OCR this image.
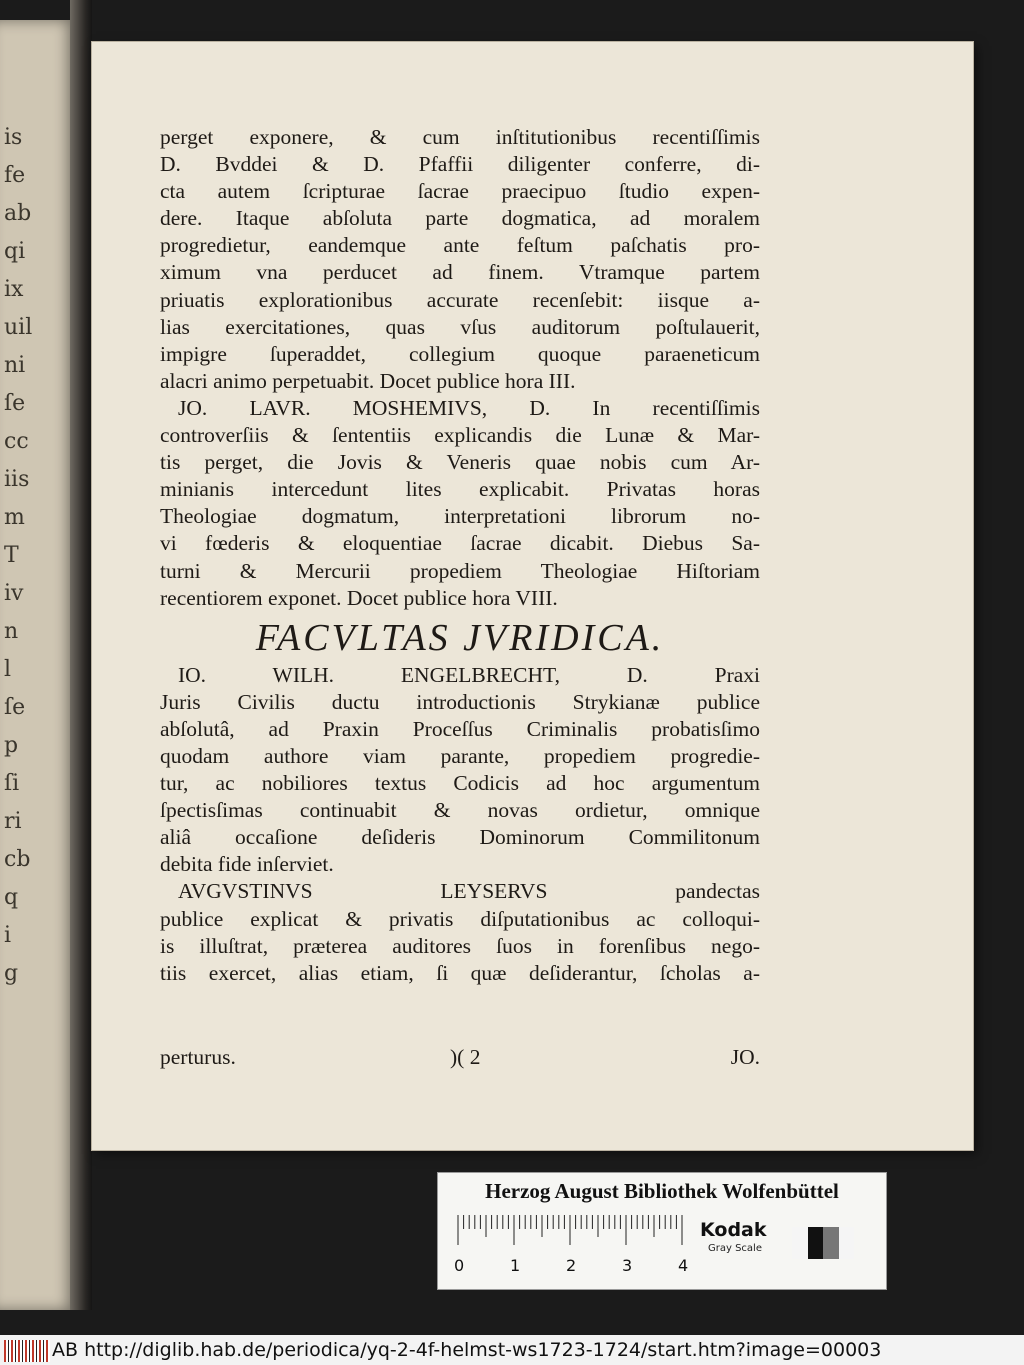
is
fe
ab
qi
ix
uil
ni
ſe
cc
iis
m
T
iv
n
l
ſe
p
ſi
ri
cb
q
i
g
perget exponere, & cum inſtitutionibus recentiſſimis
D. Bvddei & D. Pfaffii diligenter conferre, di-
cta autem ſcripturae ſacrae praecipuo ſtudio expen-
dere. Itaque abſoluta parte dogmatica, ad moralem
progredietur, eandemque ante feſtum paſchatis pro-
ximum vna perducet ad finem. Vtramque partem
priuatis explorationibus accurate recenſebit: iisque a-
lias exercitationes, quas vſus auditorum poſtulauerit,
impigre ſuperaddet, collegium quoque paraeneticum
alacri animo perpetuabit. Docet publice hora III.
JO. LAVR. MOSHEMIVS, D. In recentiſſimis
controverſiis & ſententiis explicandis die Lunæ & Mar-
tis perget, die Jovis & Veneris quae nobis cum Ar-
minianis intercedunt lites explicabit. Privatas horas
Theologiae dogmatum, interpretationi librorum no-
vi fœderis & eloquentiae ſacrae dicabit. Diebus Sa-
turni & Mercurii propediem Theologiae Hiſtoriam
recentiorem exponet. Docet publice hora VIII.
FACVLTAS JVRIDICA.
IO. WILH. ENGELBRECHT, D. Praxi
Juris Civilis ductu introductionis Strykianæ publice
abſolutâ, ad Praxin Proceſſus Criminalis probatisſimo
quodam authore viam parante, propediem progredie-
tur, ac nobiliores textus Codicis ad hoc argumentum
ſpectisſimas continuabit & novas ordietur, omnique
aliâ occaſione deſideris Dominorum Commilitonum
debita fide inſerviet.
AVGVSTINVS LEYSERVS pandectas
publice explicat & privatis diſputationibus ac colloqui-
is illuſtrat, præterea auditores ſuos in forenſibus nego-
tiis exercet, alias etiam, ſi quæ deſiderantur, ſcholas a-
perturus.	)( 2	JO.
Herzog August Bibliothek Wolfenbüttel
0	1	2	3	4
Kodak
Gray Scale
AB http://diglib.hab.de/periodica/yq-2-4f-helmst-ws1723-1724/start.htm?image=00003
